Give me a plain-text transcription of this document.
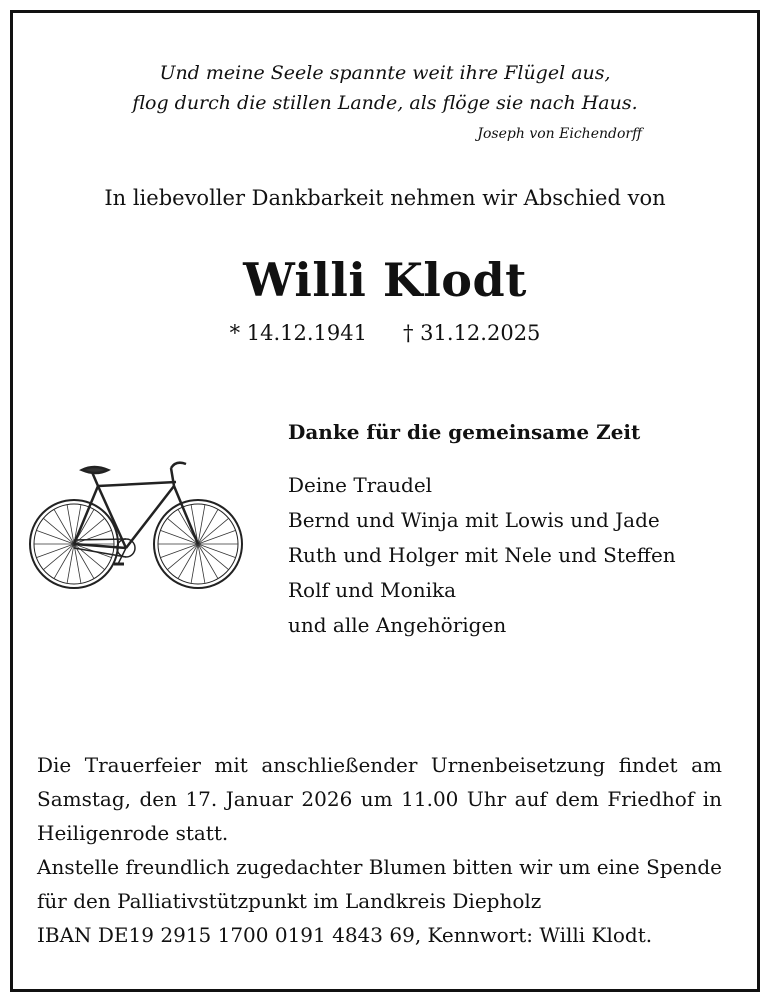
Und meine Seele spannte weit ihre Flügel aus,
flog durch die stillen Lande, als flöge sie nach Haus.
Joseph von Eichendorff
In liebevoller Dankbarkeit nehmen wir Abschied von
Willi Klodt
* 14.12.1941 † 31.12.2025
Danke für die gemeinsame Zeit
Deine Traudel
Bernd und Winja mit Lowis und Jade
Ruth und Holger mit Nele und Steffen
Rolf und Monika
und alle Angehörigen
Die Trauerfeier mit anschließender Urnenbeisetzung findet am Samstag, den 17. Januar 2026 um 11.00 Uhr auf dem Friedhof in Heiligenrode statt.
Anstelle freundlich zugedachter Blumen bitten wir um eine Spende für den Palliativstützpunkt im Landkreis Diepholz
IBAN DE19 2915 1700 0191 4843 69, Kennwort: Willi Klodt.
